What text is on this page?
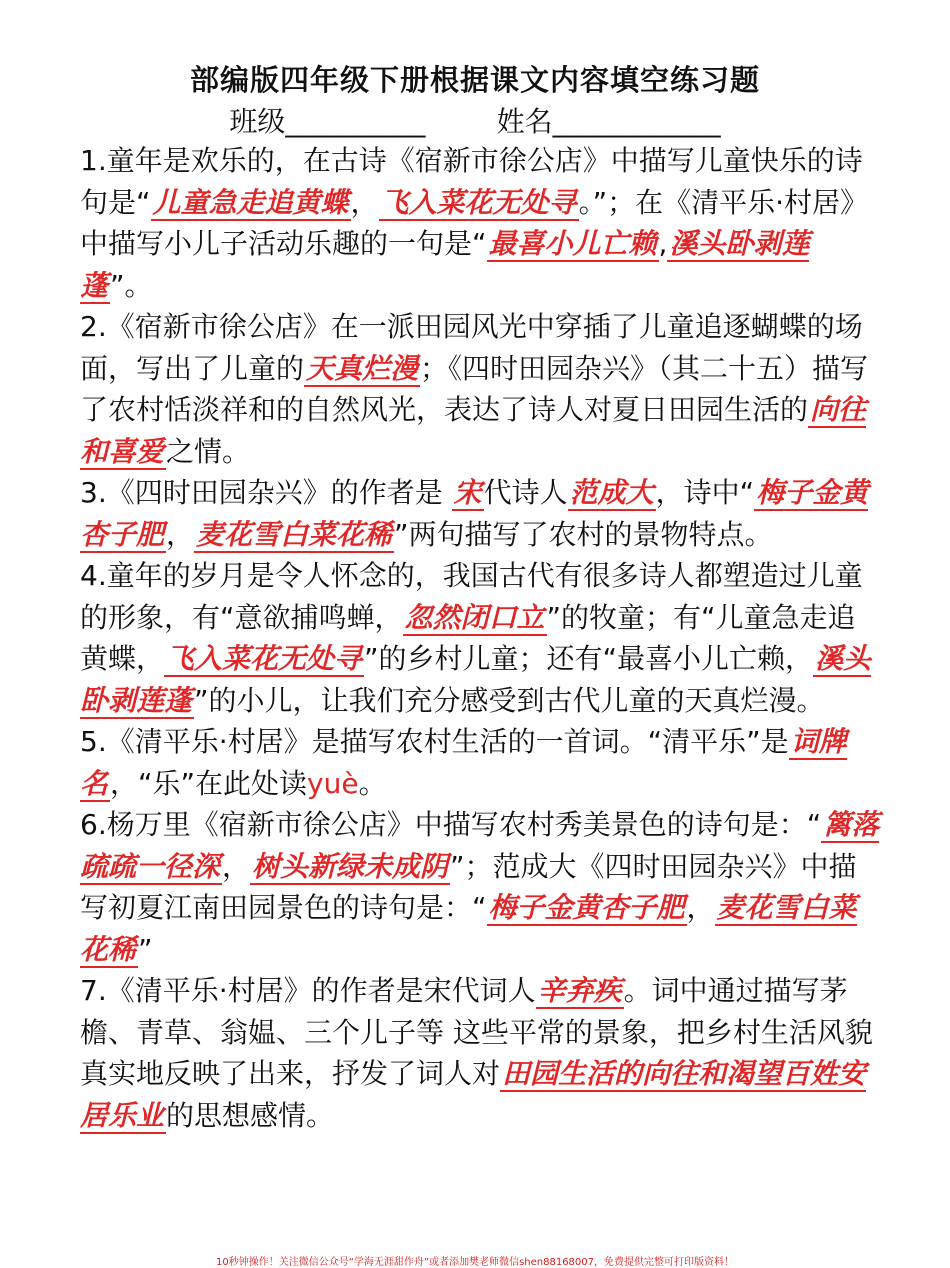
部编版四年级下册根据课文内容填空练习题
班级__________	姓名____________

1.童年是欢乐的，在古诗《宿新市徐公店》中描写儿童快乐的诗句是“儿童急走追黄蝶，飞入菜花无处寻。”；在《清平乐·村居》中描写小儿子活动乐趣的一句是“最喜小儿亡赖,溪头卧剥莲蓬”。

2.《宿新市徐公店》在一派田园风光中穿插了儿童追逐蝴蝶的场面，写出了儿童的天真烂漫；《四时田园杂兴》（其二十五）描写了农村恬淡祥和的自然风光，表达了诗人对夏日田园生活的向往和喜爱之情。

3.《四时田园杂兴》的作者是 宋代诗人范成大，诗中“梅子金黄杏子肥，麦花雪白菜花稀”两句描写了农村的景物特点。

4.童年的岁月是令人怀念的，我国古代有很多诗人都塑造过儿童的形象，有“意欲捕鸣蝉，忽然闭口立”的牧童；有“儿童急走追黄蝶，飞入菜花无处寻”的乡村儿童；还有“最喜小儿亡赖，溪头卧剥莲蓬”的小儿，让我们充分感受到古代儿童的天真烂漫。

5.《清平乐·村居》是描写农村生活的一首词。“清平乐”是词牌名，“乐”在此处读yuè。

6.杨万里《宿新市徐公店》中描写农村秀美景色的诗句是：“篱落疏疏一径深，树头新绿未成阴”；范成大《四时田园杂兴》中描写初夏江南田园景色的诗句是：“梅子金黄杏子肥，麦花雪白菜花稀”

7.《清平乐·村居》的作者是宋代词人辛弃疾。词中通过描写茅檐、青草、翁媪、三个儿子等 这些平常的景象，把乡村生活风貌真实地反映了出来，抒发了词人对田园生活的向往和渴望百姓安居乐业的思想感情。

10秒钟操作！关注微信公众号“学海无涯甜作舟”或者添加樊老师微信shen88168007，免费提供完整可打印版资料！
